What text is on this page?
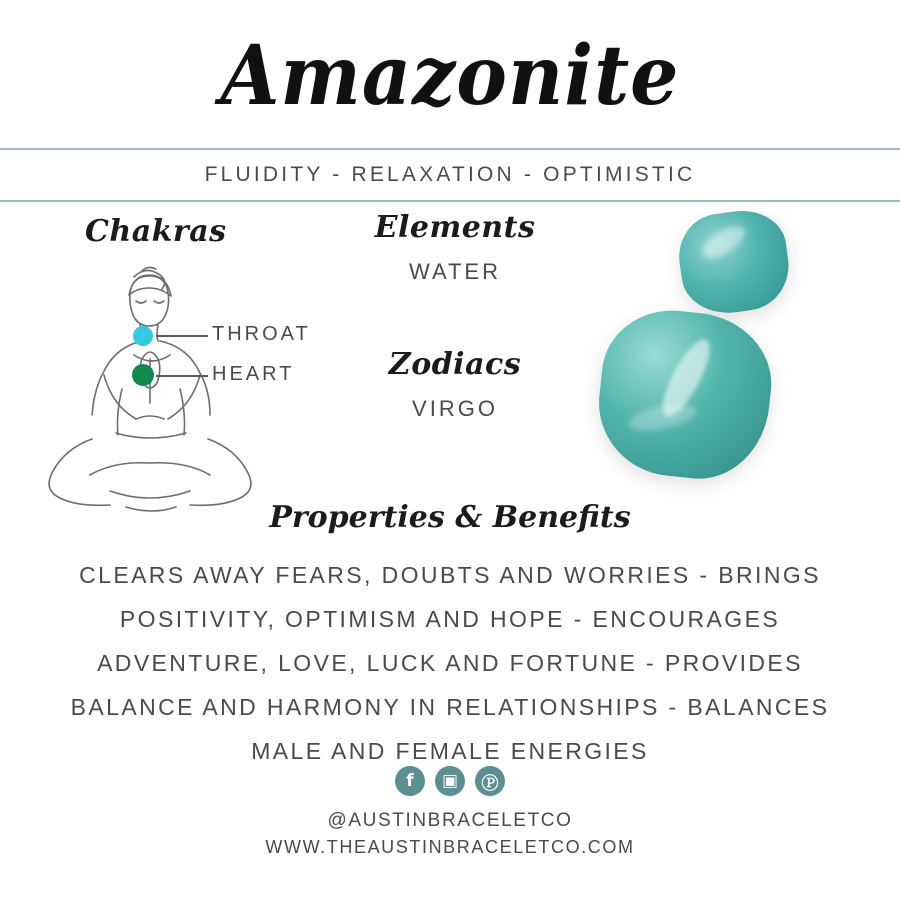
Amazonite
FLUIDITY - RELAXATION - OPTIMISTIC
Chakras
THROAT
HEART
Elements
WATER
Zodiacs
VIRGO
Properties & Benefits
CLEARS AWAY FEARS, DOUBTS AND WORRIES - BRINGS POSITIVITY, OPTIMISM AND HOPE - ENCOURAGES ADVENTURE, LOVE, LUCK AND FORTUNE - PROVIDES BALANCE AND HARMONY IN RELATIONSHIPS - BALANCES MALE AND FEMALE ENERGIES
f	▣	Ⓟ
@AUSTINBRACELETCO
WWW.THEAUSTINBRACELETCO.COM
